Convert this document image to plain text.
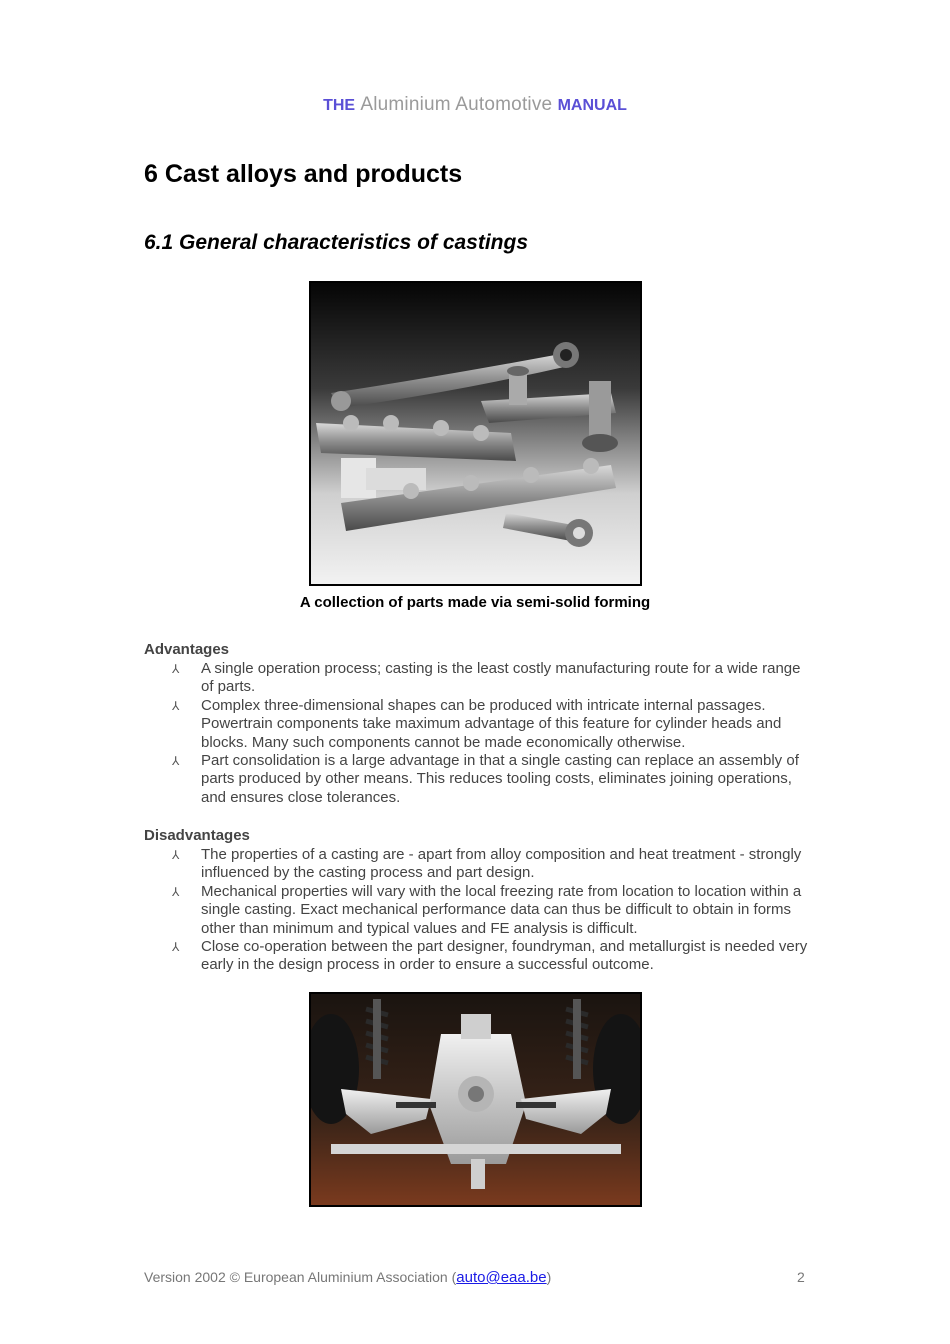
THE Aluminium Automotive MANUAL
6 Cast alloys and products
6.1 General characteristics of castings
A collection of parts made via semi-solid forming
Advantages
⅄	A single operation process; casting is the least costly manufacturing route for a wide range of parts.
⅄	Complex three-dimensional shapes can be produced with intricate internal passages. Powertrain components take maximum advantage of this feature for cylinder heads and blocks. Many such components cannot be made economically otherwise.
⅄	Part consolidation is a large advantage in that a single casting can replace an assembly of parts produced by other means. This reduces tooling costs, eliminates joining operations, and ensures close tolerances.
Disadvantages
⅄	The properties of a casting are - apart from alloy composition and heat treatment - strongly influenced by the casting process and part design.
⅄	Mechanical properties will vary with the local freezing rate from location to location within a single casting. Exact mechanical performance data can thus be difficult to obtain in forms other than minimum and typical values and FE analysis is difficult.
⅄	Close co-operation between the part designer, foundryman, and metallurgist is needed very early in the design process in order to ensure a successful outcome.
Version 2002 © European Aluminium Association (auto@eaa.be)	2
